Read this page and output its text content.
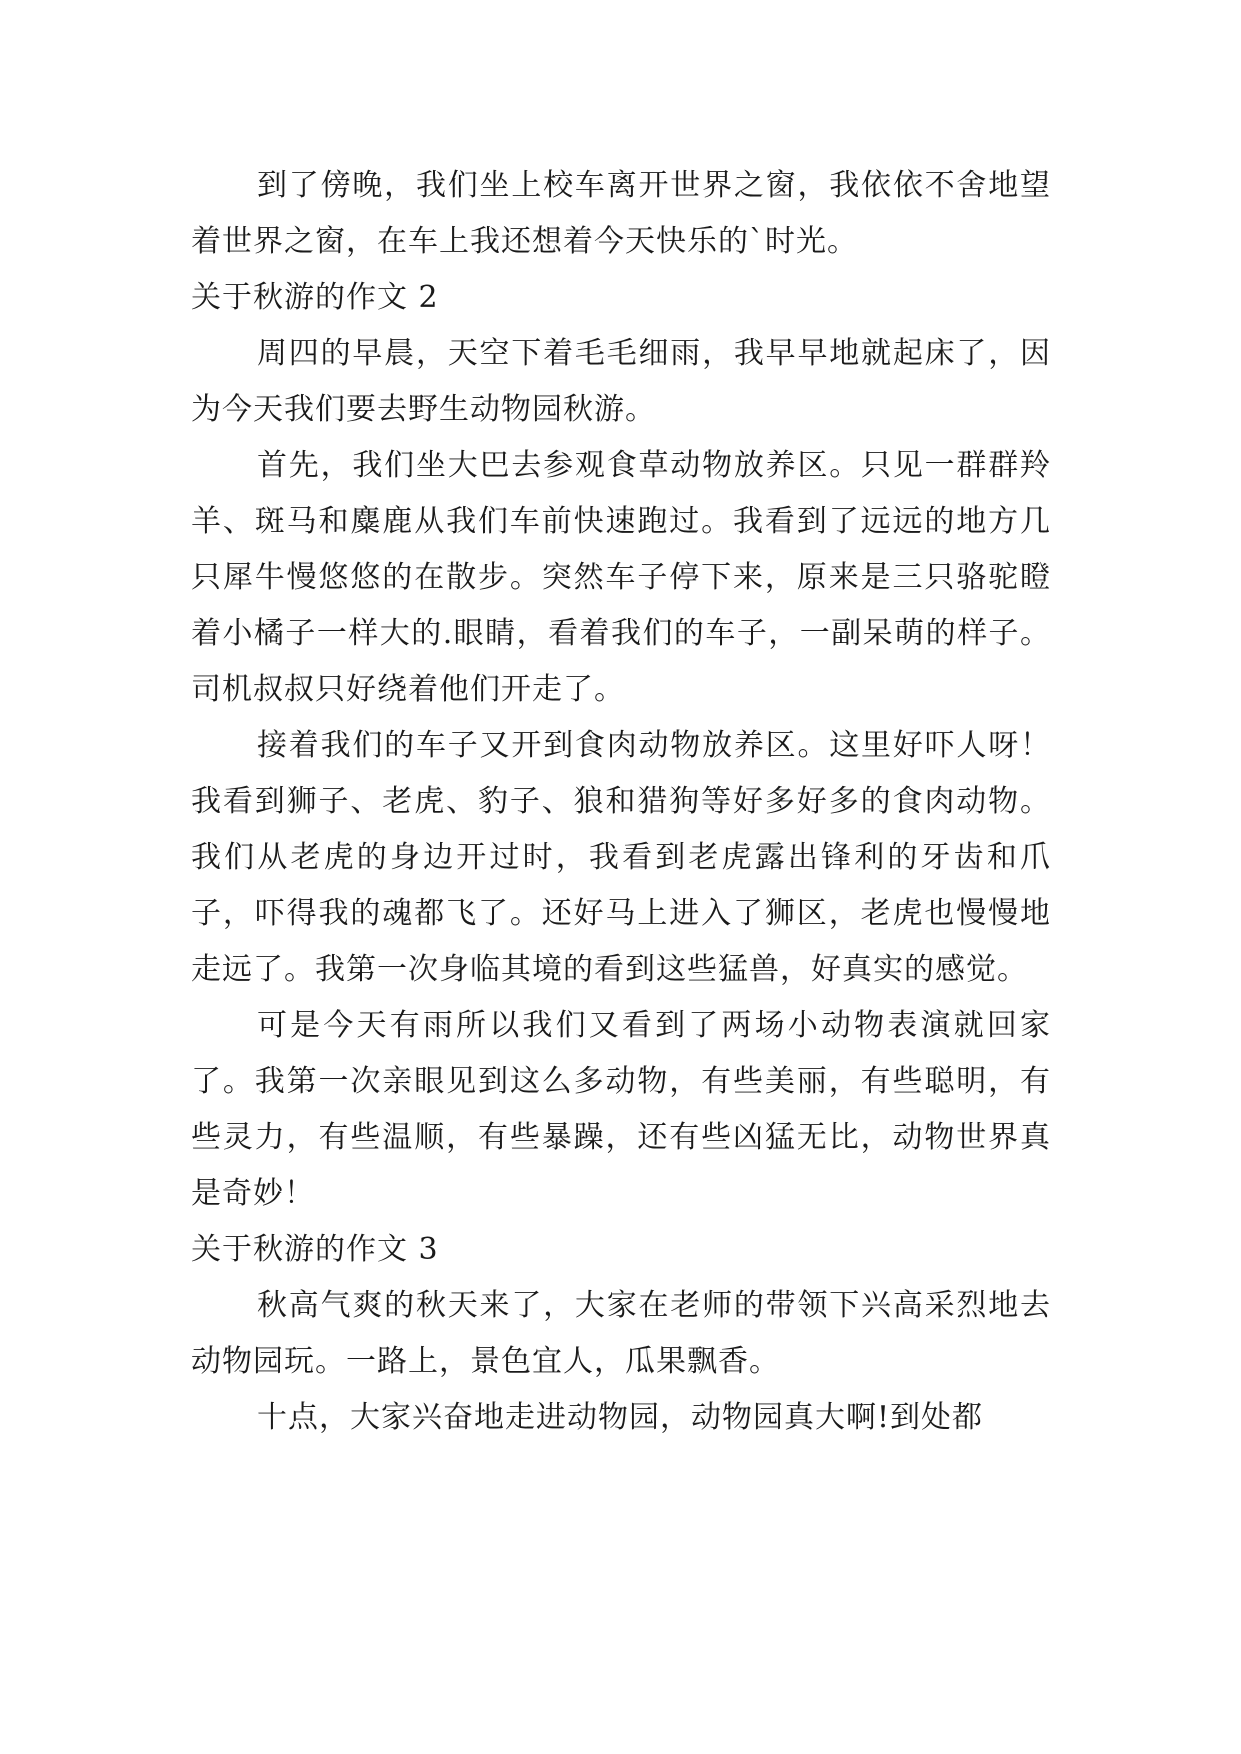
到了傍晚，我们坐上校车离开世界之窗，我依依不舍地望着世界之窗，在车上我还想着今天快乐的`时光。

关于秋游的作文 2

周四的早晨，天空下着毛毛细雨，我早早地就起床了，因为今天我们要去野生动物园秋游。

首先，我们坐大巴去参观食草动物放养区。只见一群群羚羊、斑马和麋鹿从我们车前快速跑过。我看到了远远的地方几只犀牛慢悠悠的在散步。突然车子停下来，原来是三只骆驼瞪着小橘子一样大的.眼睛，看着我们的车子，一副呆萌的样子。司机叔叔只好绕着他们开走了。

接着我们的车子又开到食肉动物放养区。这里好吓人呀！我看到狮子、老虎、豹子、狼和猎狗等好多好多的食肉动物。我们从老虎的身边开过时，我看到老虎露出锋利的牙齿和爪子，吓得我的魂都飞了。还好马上进入了狮区，老虎也慢慢地走远了。我第一次身临其境的看到这些猛兽，好真实的感觉。

可是今天有雨所以我们又看到了两场小动物表演就回家了。我第一次亲眼见到这么多动物，有些美丽，有些聪明，有些灵力，有些温顺，有些暴躁，还有些凶猛无比，动物世界真是奇妙！

关于秋游的作文 3

秋高气爽的秋天来了，大家在老师的带领下兴高采烈地去动物园玩。一路上，景色宜人，瓜果飘香。

十点，大家兴奋地走进动物园，动物园真大啊!到处都
